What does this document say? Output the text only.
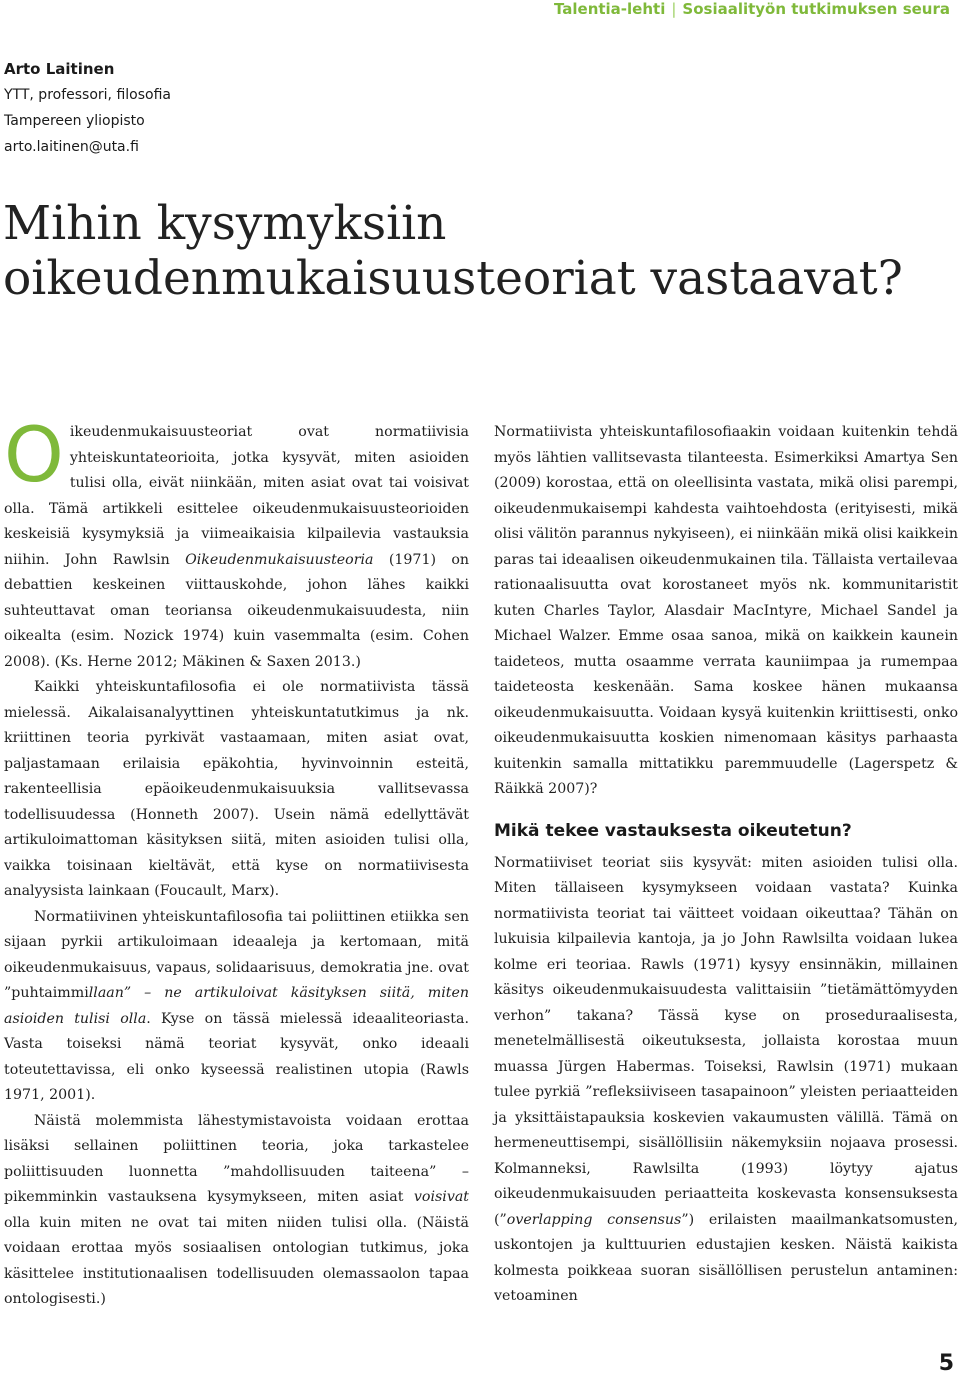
Talentia-lehti | Sosiaalityön tutkimuksen seura
Arto Laitinen
YTT, professori, filosofia
Tampereen yliopisto
arto.laitinen@uta.fi
Mihin kysymyksiin oikeudenmukaisuusteoriat vastaavat?

Oikeudenmukaisuusteoriat ovat normatiivisia yhteiskuntateorioita, jotka kysyvät, miten asioiden tulisi olla, eivät niinkään, miten asiat ovat tai voisivat olla. Tämä artikkeli esittelee oikeudenmukaisuusteorioiden keskeisiä kysymyksiä ja viimeaikaisia kilpailevia vastauksia niihin. John Rawlsin Oikeudenmukaisuusteoria (1971) on debattien keskeinen viittauskohde, johon lähes kaikki suhteuttavat oman teoriansa oikeudenmukaisuudesta, niin oikealta (esim. Nozick 1974) kuin vasemmalta (esim. Cohen 2008). (Ks. Herne 2012; Mäkinen & Saxen 2013.)

Kaikki yhteiskuntafilosofia ei ole normatiivista tässä mielessä. Aikalaisanalyyttinen yhteiskuntatutkimus ja nk. kriittinen teoria pyrkivät vastaamaan, miten asiat ovat, paljastamaan erilaisia epäkohtia, hyvinvoinnin esteitä, rakenteellisia epäoikeudenmukaisuuksia vallitsevassa todellisuudessa (Honneth 2007). Usein nämä edellyttävät artikuloimattoman käsityksen siitä, miten asioiden tulisi olla, vaikka toisinaan kieltävät, että kyse on normatiivisesta analyysista lainkaan (Foucault, Marx).

Normatiivinen yhteiskuntafilosofia tai poliittinen etiikka sen sijaan pyrkii artikuloimaan ideaaleja ja kertomaan, mitä oikeudenmukaisuus, vapaus, solidaarisuus, demokratia jne. ovat ”puhtaimmillaan” – ne artikuloivat käsityksen siitä, miten asioiden tulisi olla. Kyse on tässä mielessä ideaaliteoriasta. Vasta toiseksi nämä teoriat kysyvät, onko ideaali toteutettavissa, eli onko kyseessä realistinen utopia (Rawls 1971, 2001).

Näistä molemmista lähestymistavoista voidaan erottaa lisäksi sellainen poliittinen teoria, joka tarkastelee poliittisuuden luonnetta ”mahdollisuuden taiteena” – pikemminkin vastauksena kysymykseen, miten asiat voisivat olla kuin miten ne ovat tai miten niiden tulisi olla. (Näistä voidaan erottaa myös sosiaalisen ontologian tutkimus, joka käsittelee institutionaalisen todellisuuden olemassaolon tapaa ontologisesti.)

Normatiivista yhteiskuntafilosofiaakin voidaan kuitenkin tehdä myös lähtien vallitsevasta tilanteesta. Esimerkiksi Amartya Sen (2009) korostaa, että on oleellisinta vastata, mikä olisi parempi, oikeudenmukaisempi kahdesta vaihtoehdosta (erityisesti, mikä olisi välitön parannus nykyiseen), ei niinkään mikä olisi kaikkein paras tai ideaalisen oikeudenmukainen tila. Tällaista vertailevaa rationaalisuutta ovat korostaneet myös nk. kommunitaristit kuten Charles Taylor, Alasdair MacIntyre, Michael Sandel ja Michael Walzer. Emme osaa sanoa, mikä on kaikkein kaunein taideteos, mutta osaamme verrata kauniimpaa ja rumempaa taideteosta keskenään. Sama koskee hänen mukaansa oikeudenmukaisuutta. Voidaan kysyä kuitenkin kriittisesti, onko oikeudenmukaisuutta koskien nimenomaan käsitys parhaasta kuitenkin samalla mittatikku paremmuudelle (Lagerspetz & Räikkä 2007)?

Mikä tekee vastauksesta oikeutetun?

Normatiiviset teoriat siis kysyvät: miten asioiden tulisi olla. Miten tällaiseen kysymykseen voidaan vastata? Kuinka normatiivista teoriat tai väitteet voidaan oikeuttaa? Tähän on lukuisia kilpailevia kantoja, ja jo John Rawlsilta voidaan lukea kolme eri teoriaa. Rawls (1971) kysyy ensinnäkin, millainen käsitys oikeudenmukaisuudesta valittaisiin ”tietämättömyyden verhon” takana? Tässä kyse on proseduraalisesta, menetelmällisestä oikeutuksesta, jollaista korostaa muun muassa Jürgen Habermas. Toiseksi, Rawlsin (1971) mukaan tulee pyrkiä ”refleksiiviseen tasapainoon” yleisten periaatteiden ja yksittäistapauksia koskevien vakaumusten välillä. Tämä on hermeneuttisempi, sisällöllisiin näkemyksiin nojaava prosessi. Kolmanneksi, Rawlsilta (1993) löytyy ajatus oikeudenmukaisuuden periaatteita koskevasta konsensuksesta (”overlapping consensus”) erilaisten maailmankatsomusten, uskontojen ja kulttuurien edustajien kesken. Näistä kaikista kolmesta poikkeaa suoran sisällöllisen perustelun antaminen: vetoaminen

5
